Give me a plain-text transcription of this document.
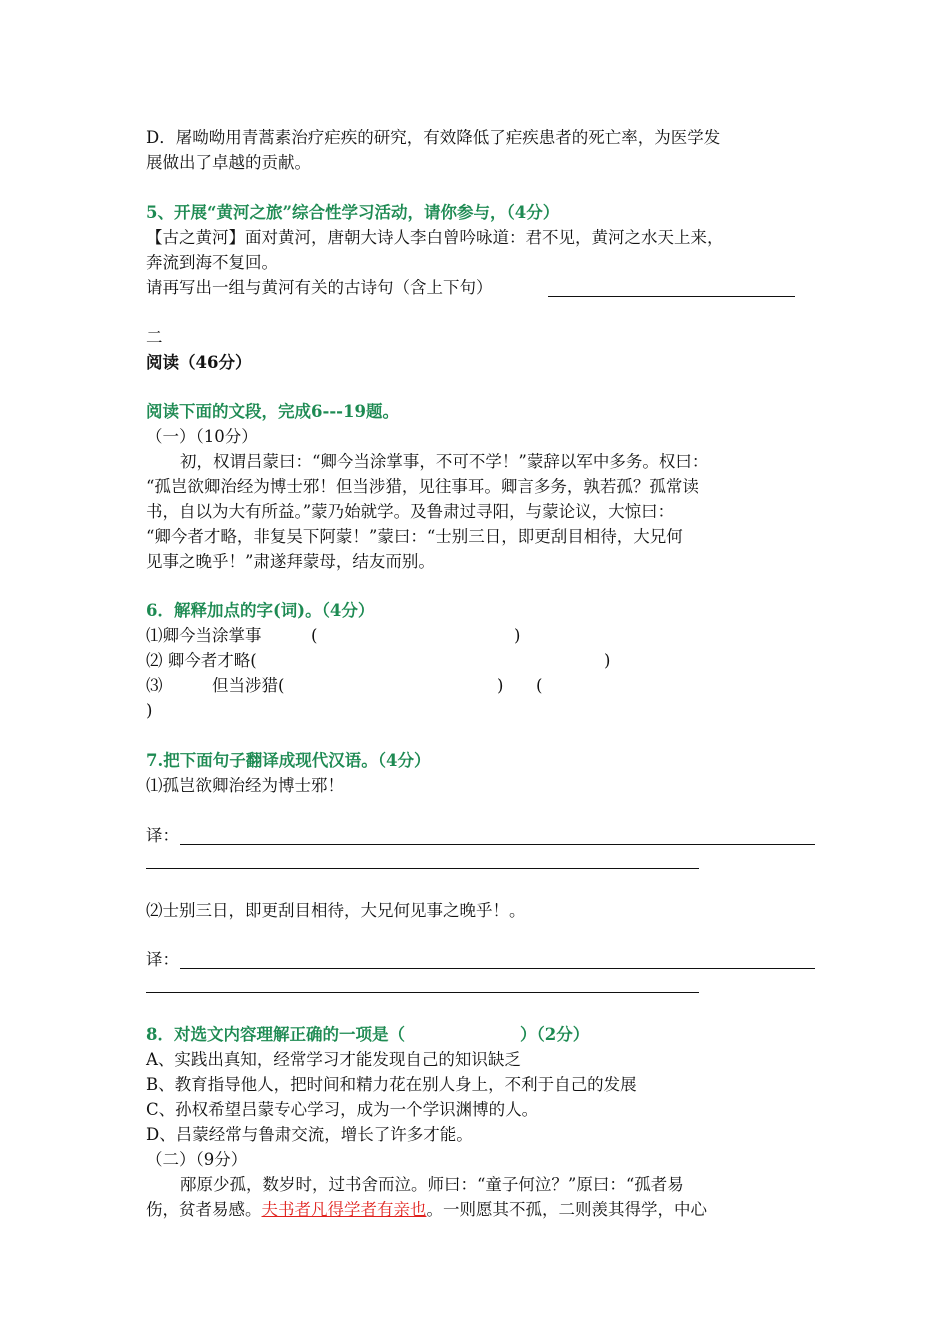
D．屠呦呦用青蒿素治疗疟疾的研究，有效降低了疟疾患者的死亡率，为医学发
展做出了卓越的贡献。
5、开展“黄河之旅”综合性学习活动，请你参与，（4分）
【古之黄河】面对黄河，唐朝大诗人李白曾吟咏道：君不见，黄河之水天上来，
奔流到海不复回。
请再写出一组与黄河有关的古诗句（含上下句）
二
阅读（46分）
阅读下面的文段，完成6---19题。
（一）（10分）
初，权谓吕蒙曰：“卿今当涂掌事，不可不学！”蒙辞以军中多务。权曰：
“孤岂欲卿治经为博士邪！但当涉猎，见往事耳。卿言多务，孰若孤？孤常读
书，自以为大有所益。”蒙乃始就学。及鲁肃过寻阳，与蒙论议，大惊曰：
“卿今者才略，非复吴下阿蒙！”蒙曰：“士别三日，即更刮目相待，大兄何
见事之晚乎！”肃遂拜蒙母，结友而别。
6．解释加点的字(词)。（4分）
⑴卿今当涂掌事	(	)
⑵ 卿今者才略(	)
⑶	但当涉猎(	) (
)
7.把下面句子翻译成现代汉语。（4分）
⑴孤岂欲卿治经为博士邪！
译：
⑵士别三日，即更刮目相待，大兄何见事之晚乎！。
译：
8．对选文内容理解正确的一项是（	）（2分）
A、实践出真知，经常学习才能发现自己的知识缺乏
B、教育指导他人，把时间和精力花在别人身上，不利于自己的发展
C、孙权希望吕蒙专心学习，成为一个学识渊博的人。
D、吕蒙经常与鲁肃交流，增长了许多才能。
（二）（9分）
邴原少孤，数岁时，过书舍而泣。师曰：“童子何泣？”原曰：“孤者易
伤，贫者易感。夫书者凡得学者有亲也。一则愿其不孤，二则羡其得学，中心
